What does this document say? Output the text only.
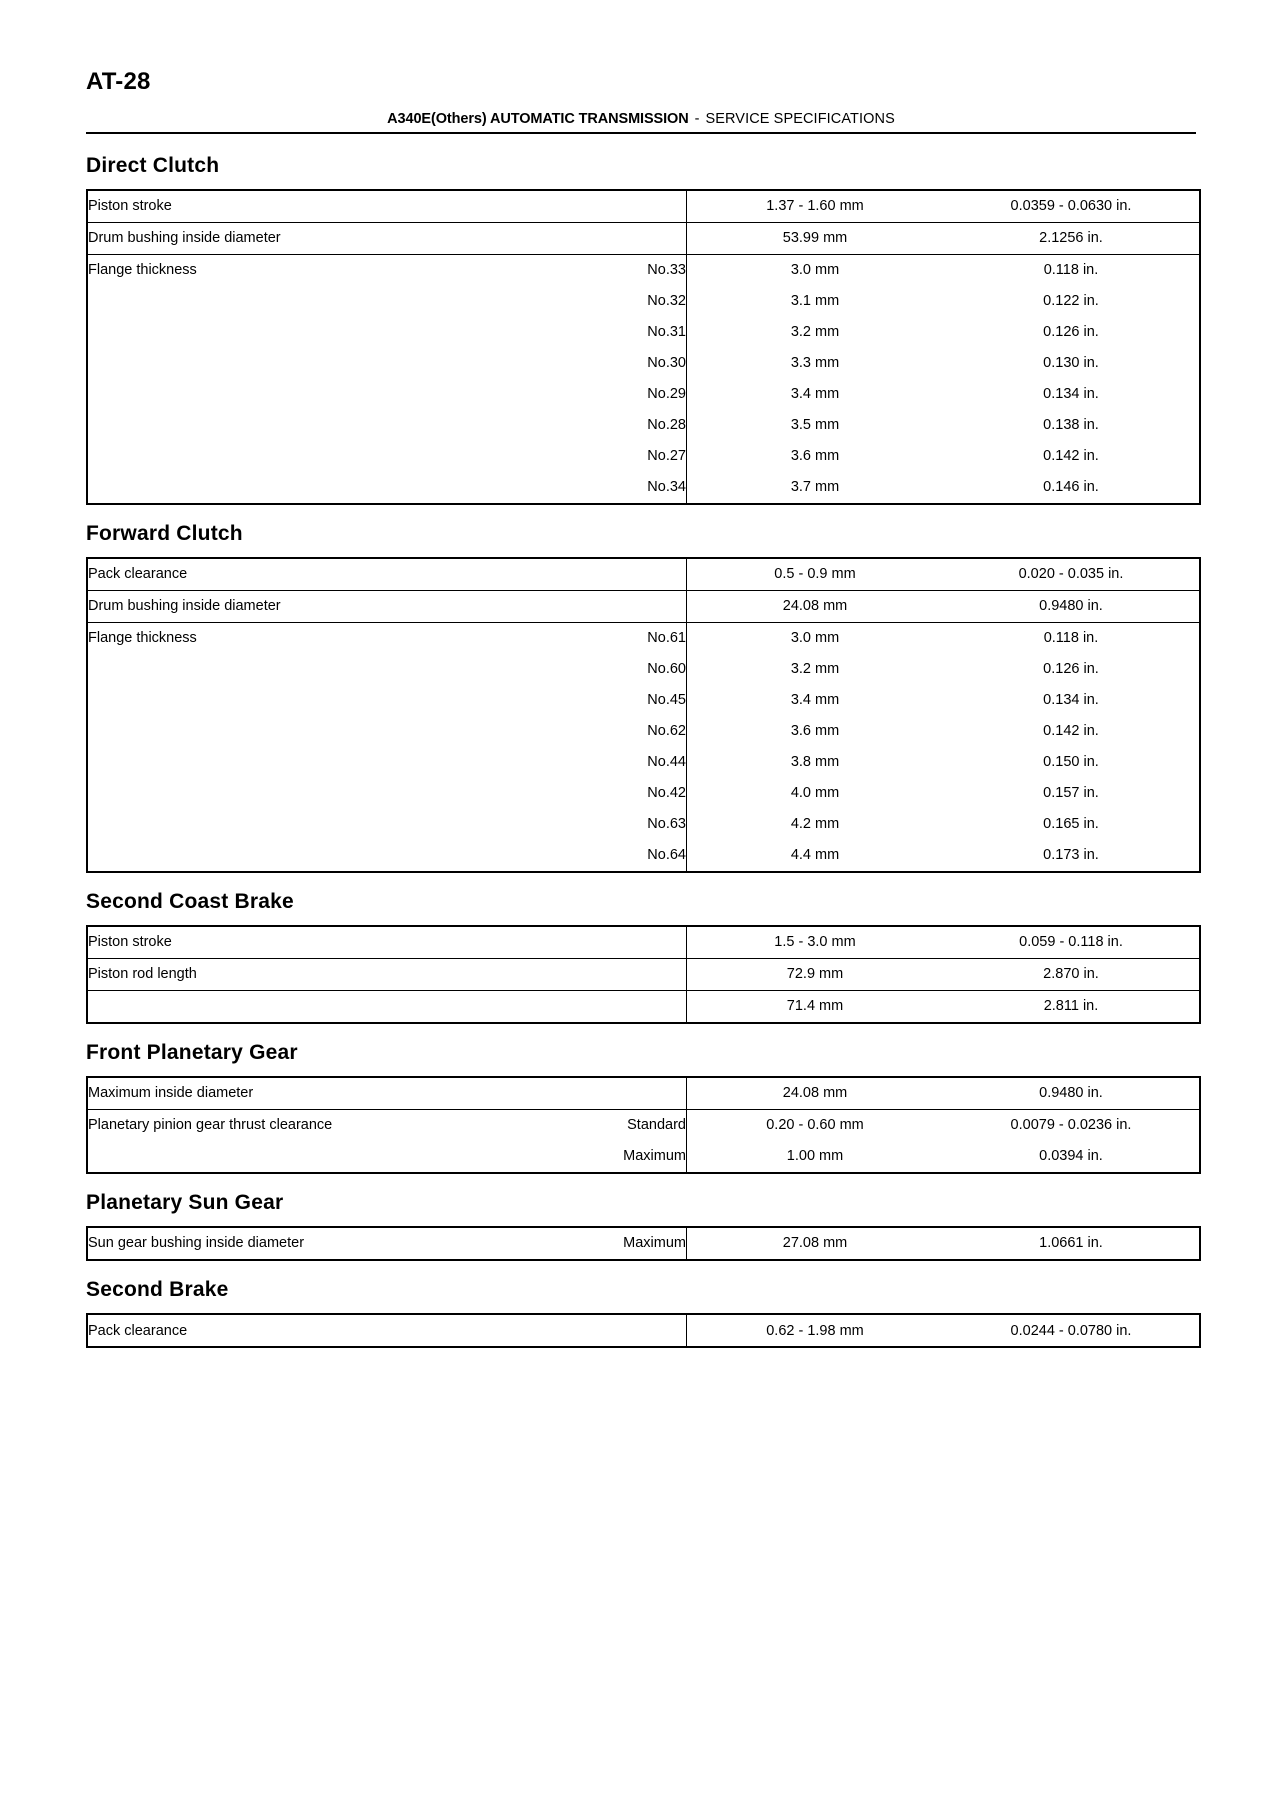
AT-28
A340E(Others) AUTOMATIC TRANSMISSION - SERVICE SPECIFICATIONS
Direct Clutch
Piston stroke		1.37 - 1.60 mm	0.0359 - 0.0630 in.
Drum bushing inside diameter		53.99 mm	2.1256 in.
Flange thickness	No.33	3.0 mm	0.118 in.
	No.32	3.1 mm	0.122 in.
	No.31	3.2 mm	0.126 in.
	No.30	3.3 mm	0.130 in.
	No.29	3.4 mm	0.134 in.
	No.28	3.5 mm	0.138 in.
	No.27	3.6 mm	0.142 in.
	No.34	3.7 mm	0.146 in.
Forward Clutch
Pack clearance		0.5 - 0.9 mm	0.020 - 0.035 in.
Drum bushing inside diameter		24.08 mm	0.9480 in.
Flange thickness	No.61	3.0 mm	0.118 in.
	No.60	3.2 mm	0.126 in.
	No.45	3.4 mm	0.134 in.
	No.62	3.6 mm	0.142 in.
	No.44	3.8 mm	0.150 in.
	No.42	4.0 mm	0.157 in.
	No.63	4.2 mm	0.165 in.
	No.64	4.4 mm	0.173 in.
Second Coast Brake
Piston stroke		1.5 - 3.0 mm	0.059 - 0.118 in.
Piston rod length		72.9 mm	2.870 in.
		71.4 mm	2.811 in.
Front Planetary Gear
Maximum inside diameter		24.08 mm	0.9480 in.
Planetary pinion gear thrust clearance	Standard	0.20 - 0.60 mm	0.0079 - 0.0236 in.
	Maximum	1.00 mm	0.0394 in.
Planetary Sun Gear
Sun gear bushing inside diameter	Maximum	27.08 mm	1.0661 in.
Second Brake
Pack clearance		0.62 - 1.98 mm	0.0244 - 0.0780 in.
